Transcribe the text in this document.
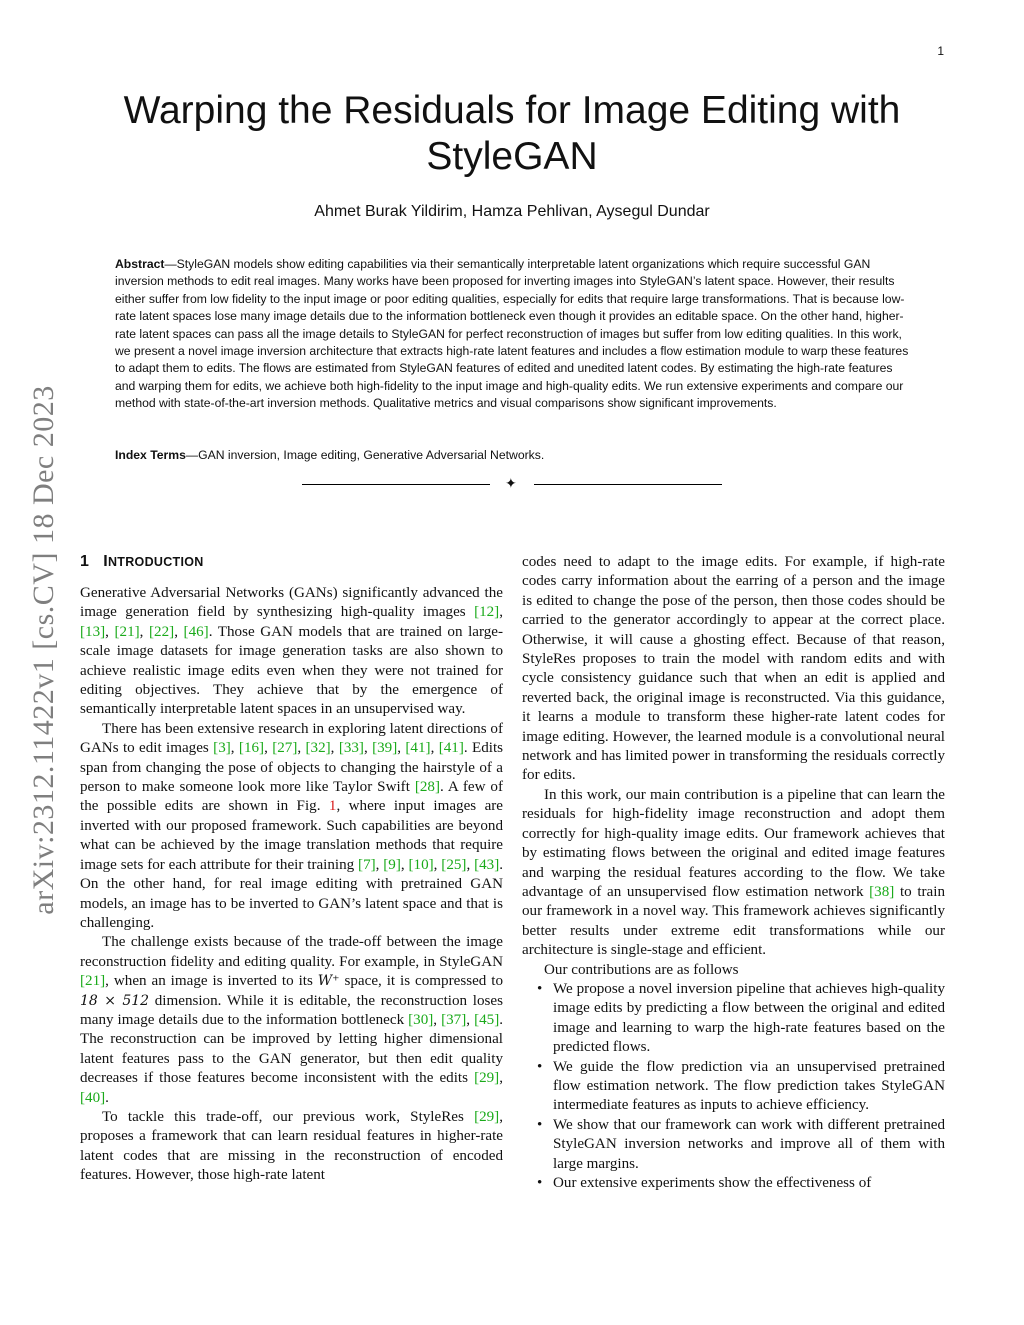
1
arXiv:2312.11422v1 [cs.CV] 18 Dec 2023
Warping the Residuals for Image Editing with StyleGAN
Ahmet Burak Yildirim, Hamza Pehlivan, Aysegul Dundar

Abstract—StyleGAN models show editing capabilities via their semantically interpretable latent organizations which require successful GAN inversion methods to edit real images. Many works have been proposed for inverting images into StyleGAN’s latent space. However, their results either suffer from low fidelity to the input image or poor editing qualities, especially for edits that require large transformations. That is because low-rate latent spaces lose many image details due to the information bottleneck even though it provides an editable space. On the other hand, higher-rate latent spaces can pass all the image details to StyleGAN for perfect reconstruction of images but suffer from low editing qualities. In this work, we present a novel image inversion architecture that extracts high-rate latent features and includes a flow estimation module to warp these features to adapt them to edits. The flows are estimated from StyleGAN features of edited and unedited latent codes. By estimating the high-rate features and warping them for edits, we achieve both high-fidelity to the input image and high-quality edits. We run extensive experiments and compare our method with state-of-the-art inversion methods. Qualitative metrics and visual comparisons show significant improvements.

Index Terms—GAN inversion, Image editing, Generative Adversarial Networks.

✦
1 INTRODUCTION

Generative Adversarial Networks (GANs) significantly advanced the image generation field by synthesizing high-quality images [12], [13], [21], [22], [46]. Those GAN models that are trained on large-scale image datasets for image generation tasks are also shown to achieve realistic image edits even when they were not trained for editing objectives. They achieve that by the emergence of semantically interpretable latent spaces in an unsupervised way.

There has been extensive research in exploring latent directions of GANs to edit images [3], [16], [27], [32], [33], [39], [41], [41]. Edits span from changing the pose of objects to changing the hairstyle of a person to make someone look more like Taylor Swift [28]. A few of the possible edits are shown in Fig. 1, where input images are inverted with our proposed framework. Such capabilities are beyond what can be achieved by the image translation methods that require image sets for each attribute for their training [7], [9], [10], [25], [43]. On the other hand, for real image editing with pretrained GAN models, an image has to be inverted to GAN’s latent space and that is challenging.

The challenge exists because of the trade-off between the image reconstruction fidelity and editing quality. For example, in StyleGAN [21], when an image is inverted to its W⁺ space, it is compressed to 18 × 512 dimension. While it is editable, the reconstruction loses many image details due to the information bottleneck [30], [37], [45]. The reconstruction can be improved by letting higher dimensional latent features pass to the GAN generator, but then edit quality decreases if those features become inconsistent with the edits [29], [40].

To tackle this trade-off, our previous work, StyleRes [29], proposes a framework that can learn residual features in higher-rate latent codes that are missing in the reconstruction of encoded features. However, those high-rate latent

codes need to adapt to the image edits. For example, if high-rate codes carry information about the earring of a person and the image is edited to change the pose of the person, then those codes should be carried to the generator accordingly to appear at the correct place. Otherwise, it will cause a ghosting effect. Because of that reason, StyleRes proposes to train the model with random edits and with cycle consistency guidance such that when an edit is applied and reverted back, the original image is reconstructed. Via this guidance, it learns a module to transform these higher-rate latent codes for image editing. However, the learned module is a convolutional neural network and has limited power in transforming the residuals correctly for edits.

In this work, our main contribution is a pipeline that can learn the residuals for high-fidelity image reconstruction and adopt them correctly for high-quality image edits. Our framework achieves that by estimating flows between the original and edited image features and warping the residual features according to the flow. We take advantage of an unsupervised flow estimation network [38] to train our framework in a novel way. This framework achieves significantly better results under extreme edit transformations while our architecture is single-stage and efficient.

Our contributions are as follows

• We propose a novel inversion pipeline that achieves high-quality image edits by predicting a flow between the original and edited image and learning to warp the high-rate features based on the predicted flows.
• We guide the flow prediction via an unsupervised pretrained flow estimation network. The flow prediction takes StyleGAN intermediate features as inputs to achieve efficiency.
• We show that our framework can work with different pretrained StyleGAN inversion networks and improve all of them with large margins.
• Our extensive experiments show the effectiveness of
